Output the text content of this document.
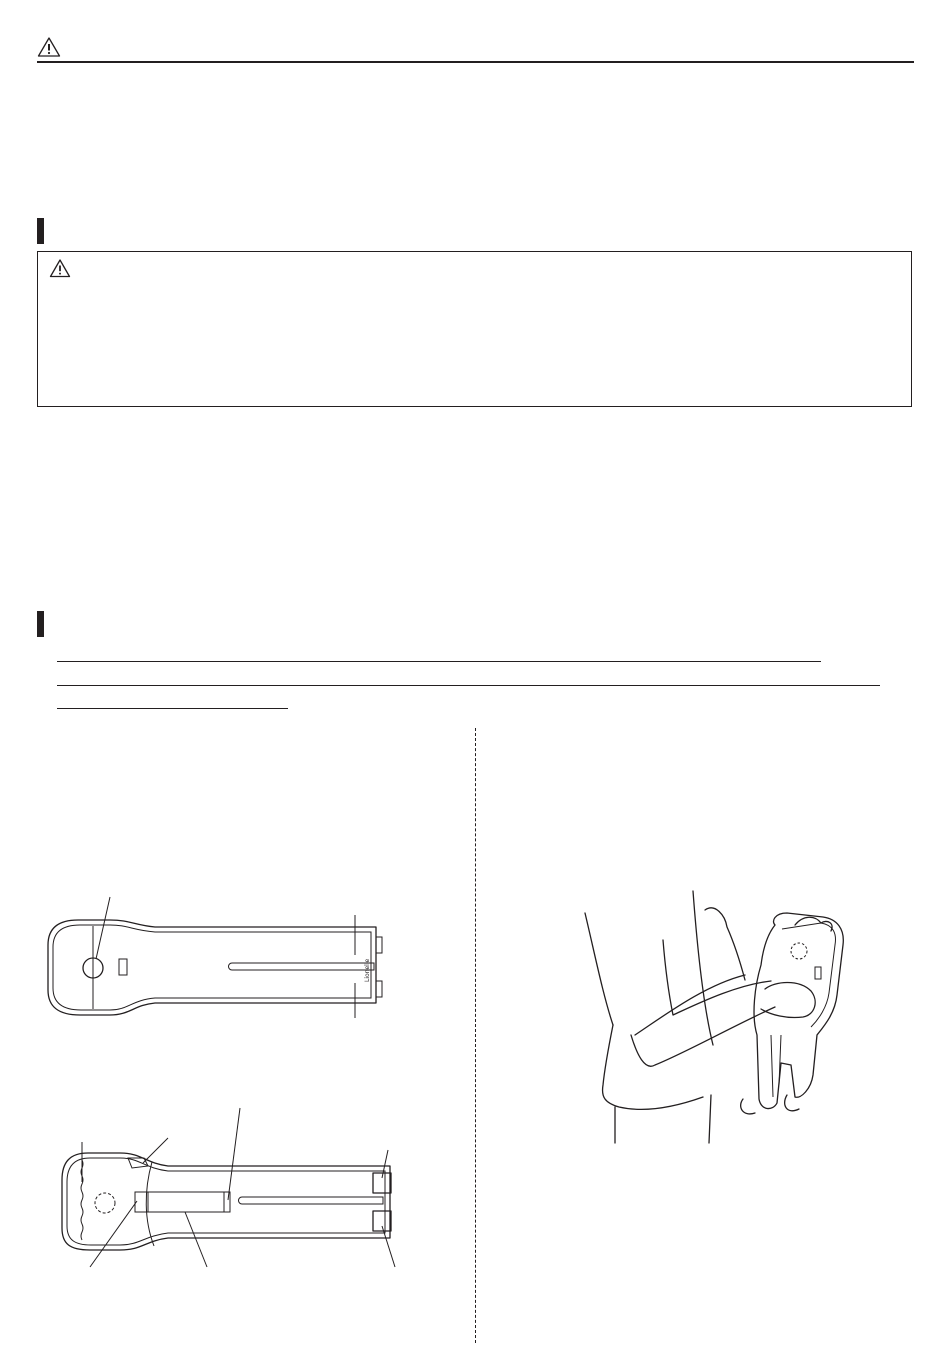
Lionelle
